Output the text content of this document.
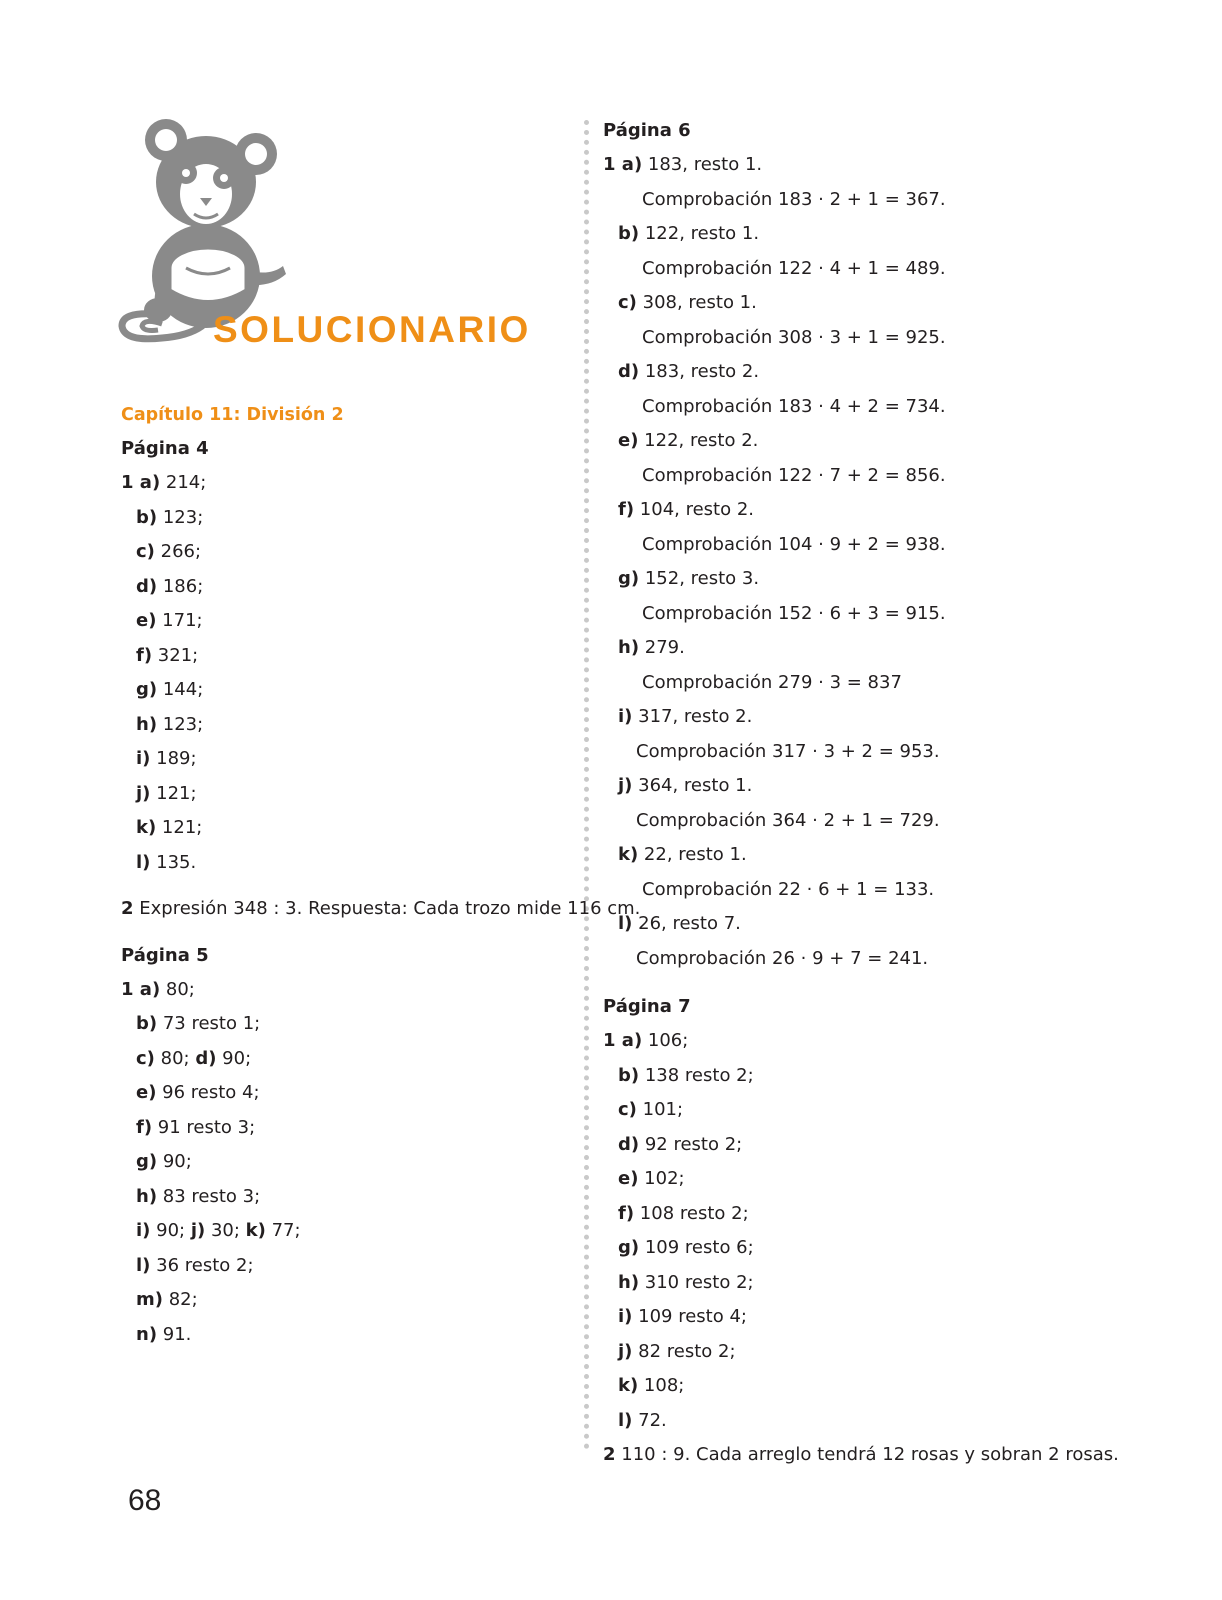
SOLUCIONARIO
Capítulo 11: División 2
Página 4
1 a) 214;
b) 123;
c) 266;
d) 186;
e) 171;
f) 321;
g) 144;
h) 123;
i) 189;
j) 121;
k) 121;
l) 135.
2 Expresión 348 : 3. Respuesta: Cada trozo mide 116 cm.
Página 5
1 a) 80;
b) 73 resto 1;
c) 80; d) 90;
e) 96 resto 4;
f) 91 resto 3;
g) 90;
h) 83 resto 3;
i) 90; j) 30; k) 77;
l) 36 resto 2;
m) 82;
n) 91.
Página 6
1 a) 183, resto 1.
Comprobación 183 · 2 + 1 = 367.
b) 122, resto 1.
Comprobación 122 · 4 + 1 = 489.
c) 308, resto 1.
Comprobación 308 · 3 + 1 = 925.
d) 183, resto 2.
Comprobación 183 · 4 + 2 = 734.
e) 122, resto 2.
Comprobación 122 · 7 + 2 = 856.
f) 104, resto 2.
Comprobación 104 · 9 + 2 = 938.
g) 152, resto 3.
Comprobación 152 · 6 + 3 = 915.
h) 279.
Comprobación 279 · 3 = 837
i) 317, resto 2.
Comprobación 317 · 3 + 2 = 953.
j) 364, resto 1.
Comprobación 364 · 2 + 1 = 729.
k) 22, resto 1.
Comprobación 22 · 6 + 1 = 133.
l) 26, resto 7.
Comprobación 26 · 9 + 7 = 241.
Página 7
1 a) 106;
b) 138 resto 2;
c) 101;
d) 92 resto 2;
e) 102;
f) 108 resto 2;
g) 109 resto 6;
h) 310 resto 2;
i) 109 resto 4;
j) 82 resto 2;
k) 108;
l) 72.
2 110 : 9. Cada arreglo tendrá 12 rosas y sobran 2 rosas.
68
